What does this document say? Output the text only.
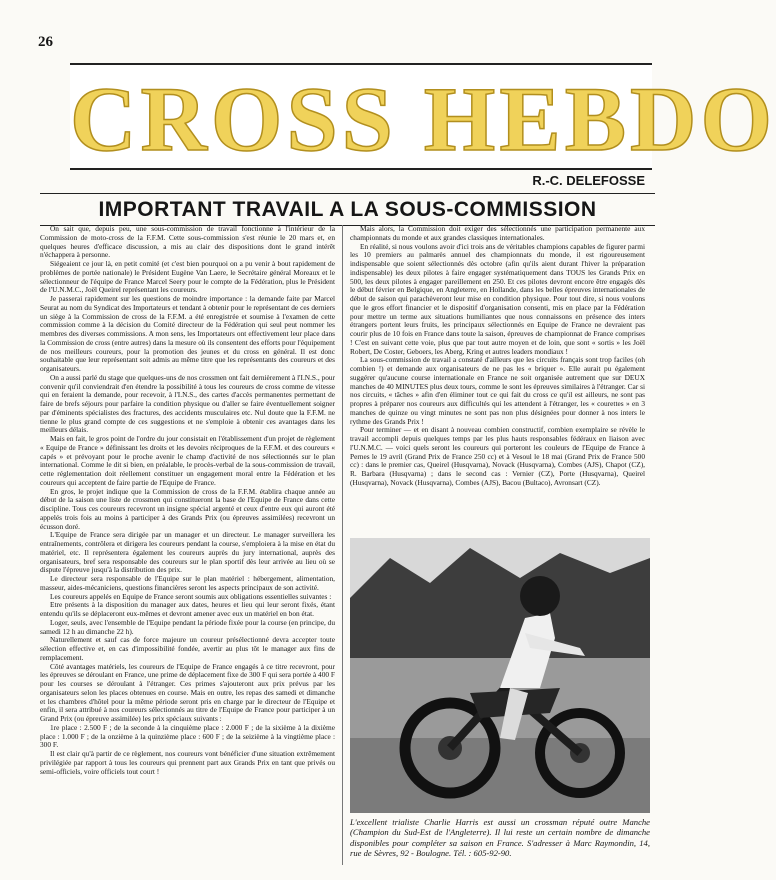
26
CROSS HEBDO
R.-C. DELEFOSSE
IMPORTANT TRAVAIL A LA SOUS-COMMISSION

On sait que, depuis peu, une sous-commission de travail fonctionne à l'intérieur de la Commission de moto-cross de la F.F.M. Cette sous-commission s'est réunie le 20 mars et, en quelques heures d'efficace discussion, a mis au clair des dispositions dont le grand intérêt n'échappera à personne.

Siégeaient ce jour là, en petit comité (et c'est bien pourquoi on a pu venir à bout rapidement de problèmes de portée nationale) le Président Eugène Van Laere, le Secrétaire général Moreaux et le sélectionneur de l'équipe de France Marcel Seery pour le compte de la Fédération, plus le Président de l'U.N.M.C., Joël Queirel représentant les coureurs.

Je passerai rapidement sur les questions de moindre importance : la demande faite par Marcel Seurat au nom du Syndicat des Importateurs et tendant à obtenir pour le représentant de ces derniers un siège à la Commission de cross de la F.F.M. a été enregistrée et soumise à l'examen de cette commission comme à la décision du Comité directeur de la Fédération qui seul peut nommer les membres des diverses commissions. A mon sens, les Importateurs ont effectivement leur place dans la Commission de cross (entre autres) dans la mesure où ils consentent des efforts pour l'équipement de nos meilleurs coureurs, pour la promotion des jeunes et du cross en général. Il est donc souhaitable que leur représentant soit admis au même titre que les représentants des coureurs et des organisateurs.

On a aussi parlé du stage que quelques-uns de nos crossmen ont fait dernièrement à l'I.N.S., pour convenir qu'il conviendrait d'en étendre la possibilité à tous les coureurs de cross comme de vitesse qui en feraient la demande, pour recevoir, à l'I.N.S., des cartes d'accès permanentes permettant de faire de brefs séjours pour parfaire la condition physique ou d'aller se faire éventuellement soigner par d'éminents spécialistes des fractures, des accidents musculaires etc. Nul doute que la F.F.M. ne tienne le plus grand compte de ces suggestions et ne s'emploie à obtenir ces avantages dans les meilleurs délais.

Mais en fait, le gros point de l'ordre du jour consistait en l'établissement d'un projet de règlement « Equipe de France » définissant les droits et les devoirs réciproques de la F.F.M. et des coureurs « capés » et prévoyant pour le proche avenir le champ d'activité de nos sélectionnés sur le plan international. Comme le dit si bien, en préalable, le procès-verbal de la sous-commission de travail, cette réglementation doit réellement constituer un engagement moral entre la Fédération et les coureurs qui acceptent de faire partie de l'Equipe de France.

En gros, le projet indique que la Commission de cross de la F.F.M. établira chaque année au début de la saison une liste de crossmen qui constitueront la base de l'Equipe de France dans cette discipline. Tous ces coureurs recevront un insigne spécial argenté et ceux d'entre eux qui auront été appelés trois fois au moins à participer à des Grands Prix (ou épreuves assimilées) recevront un écusson doré.

L'Equipe de France sera dirigée par un manager et un directeur. Le manager surveillera les entraînements, contrôlera et dirigera les coureurs pendant la course, s'emploiera à la mise en état du matériel, etc. Il représentera également les coureurs auprès du jury international, auprès des organisateurs, bref sera responsable des coureurs sur le plan sportif dès leur arrivée au lieu où se dispute l'épreuve jusqu'à la distribution des prix.

Le directeur sera responsable de l'Equipe sur le plan matériel : hébergement, alimentation, masseur, aides-mécaniciens, questions financières seront les aspects principaux de son activité.

Les coureurs appelés en Equipe de France seront soumis aux obligations essentielles suivantes :

Etre présents à la disposition du manager aux dates, heures et lieu qui leur seront fixés, étant entendu qu'ils se déplaceront eux-mêmes et devront amener avec eux un matériel en bon état.

Loger, seuls, avec l'ensemble de l'Equipe pendant la période fixée pour la course (en principe, du samedi 12 h au dimanche 22 h).

Naturellement et sauf cas de force majeure un coureur présélectionné devra accepter toute sélection effective et, en cas d'impossibilité fondée, avertir au plus tôt le manager aux fins de remplacement.

Côté avantages matériels, les coureurs de l'Equipe de France engagés à ce titre recevront, pour les épreuves se déroulant en France, une prime de déplacement fixe de 300 F qui sera portée à 400 F pour les courses se déroulant à l'étranger. Ces primes s'ajouteront aux prix prévus par les organisateurs selon les places obtenues en course. Mais en outre, les repas des samedi et dimanche et les chambres d'hôtel pour la même période seront pris en charge par le directeur de l'Equipe et enfin, il sera attribué à nos coureurs sélectionnés au titre de l'Equipe de France pour participer à un Grand Prix (ou épreuve assimilée) les prix spéciaux suivants :

1re place : 2.500 F ; de la seconde à la cinquième place : 2.000 F ; de la sixième à la dixième place : 1.000 F ; de la onzième à la quinzième place : 600 F ; de la seizième à la vingtième place : 300 F.

Il est clair qu'à partir de ce règlement, nos coureurs vont bénéficier d'une situation extrêmement privilégiée par rapport à tous les coureurs qui prennent part aux Grands Prix en tant que privés ou semi-officiels, voire officiels tout court !

Mais alors, la Commission doit exiger des sélectionnés une participation permanente aux championnats du monde et aux grandes classiques internationales.

En réalité, si nous voulons avoir d'ici trois ans de véritables champions capables de figurer parmi les 10 premiers au palmarès annuel des championnats du monde, il est rigoureusement indispensable que soient sélectionnés dès octobre (afin qu'ils aient durant l'hiver la préparation indispensable) les deux pilotes à faire engager systématiquement dans TOUS les Grands Prix en 500, les deux pilotes à engager pareillement en 250. Et ces pilotes devront encore être engagés dès le début février en Belgique, en Angleterre, en Hollande, dans les belles épreuves internationales de début de saison qui parachèveront leur mise en condition physique. Pour tout dire, si nous voulons que le gros effort financier et le dispositif d'organisation consenti, mis en place par la Fédération pour mettre un terme aux situations humiliantes que nous connaissons en présence des inters étrangers portent leurs fruits, les principaux sélectionnés en Equipe de France ne devraient pas courir plus de 10 fois en France dans toute la saison, épreuves de championnat de France comprises ! C'est en suivant cette voie, plus que par tout autre moyen et de loin, que sont « sortis » les Joël Robert, De Coster, Geboers, les Aberg, Kring et autres leaders mondiaux !

La sous-commission de travail a constaté d'ailleurs que les circuits français sont trop faciles (oh combien !) et demande aux organisateurs de ne pas les « briquer ». Elle aurait pu également suggérer qu'aucune course internationale en France ne soit organisée autrement que sur DEUX manches de 40 MINUTES plus deux tours, comme le sont les épreuves similaires à l'étranger. Car si nos circuits, « tâches » afin d'en éliminer tout ce qui fait du cross ce qu'il est ailleurs, ne sont pas propres à préparer nos coureurs aux difficultés qui les attendent à l'étranger, les « courettes » en 3 manches de quinze ou vingt minutes ne sont pas non plus désignées pour donner à nos inters le rythme des Grands Prix !

Pour terminer — et en disant à nouveau combien constructif, combien exemplaire se révèle le travail accompli depuis quelques temps par les plus hauts responsables fédéraux en liaison avec l'U.N.M.C. — voici quels seront les coureurs qui porteront les couleurs de l'Equipe de France à Pernes le 19 avril (Grand Prix de France 250 cc) et à Vesoul le 18 mai (Grand Prix de France 500 cc) : dans le premier cas, Queirel (Husqvarna), Novack (Husqvarna), Combes (AJS), Chapot (CZ), R. Barbara (Husqvarna) ; dans le second cas : Vernier (CZ), Porte (Husqvarna), Queirel (Husqvarna), Novack (Husqvarna), Combes (AJS), Bacou (Bultaco), Avronsart (CZ).

L'excellent trialiste Charlie Harris est aussi un crossman réputé outre Manche (Champion du Sud-Est de l'Angleterre). Il lui reste un certain nombre de dimanche disponibles pour compléter sa saison en France. S'adresser à Marc Raymondin, 14, rue de Sèvres, 92 - Boulogne. Tél. : 605-92-90.
